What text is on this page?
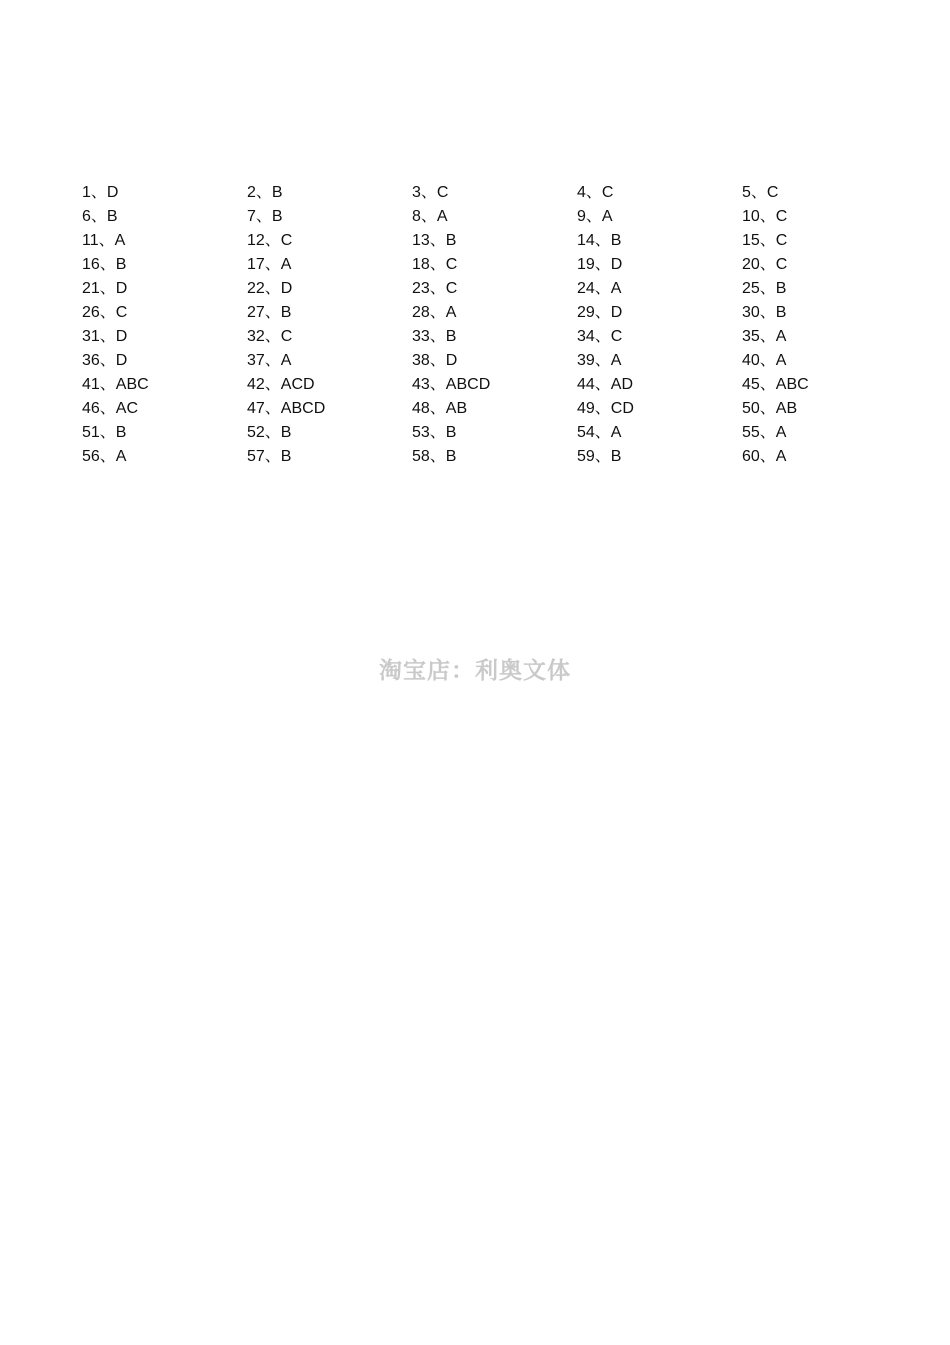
1、D	2、B	3、C	4、C	5、C
6、B	7、B	8、A	9、A	10、C
11、A	12、C	13、B	14、B	15、C
16、B	17、A	18、C	19、D	20、C
21、D	22、D	23、C	24、A	25、B
26、C	27、B	28、A	29、D	30、B
31、D	32、C	33、B	34、C	35、A
36、D	37、A	38、D	39、A	40、A
41、ABC	42、ACD	43、ABCD	44、AD	45、ABC
46、AC	47、ABCD	48、AB	49、CD	50、AB
51、B	52、B	53、B	54、A	55、A
56、A	57、B	58、B	59、B	60、A
淘宝店：利奥文体
